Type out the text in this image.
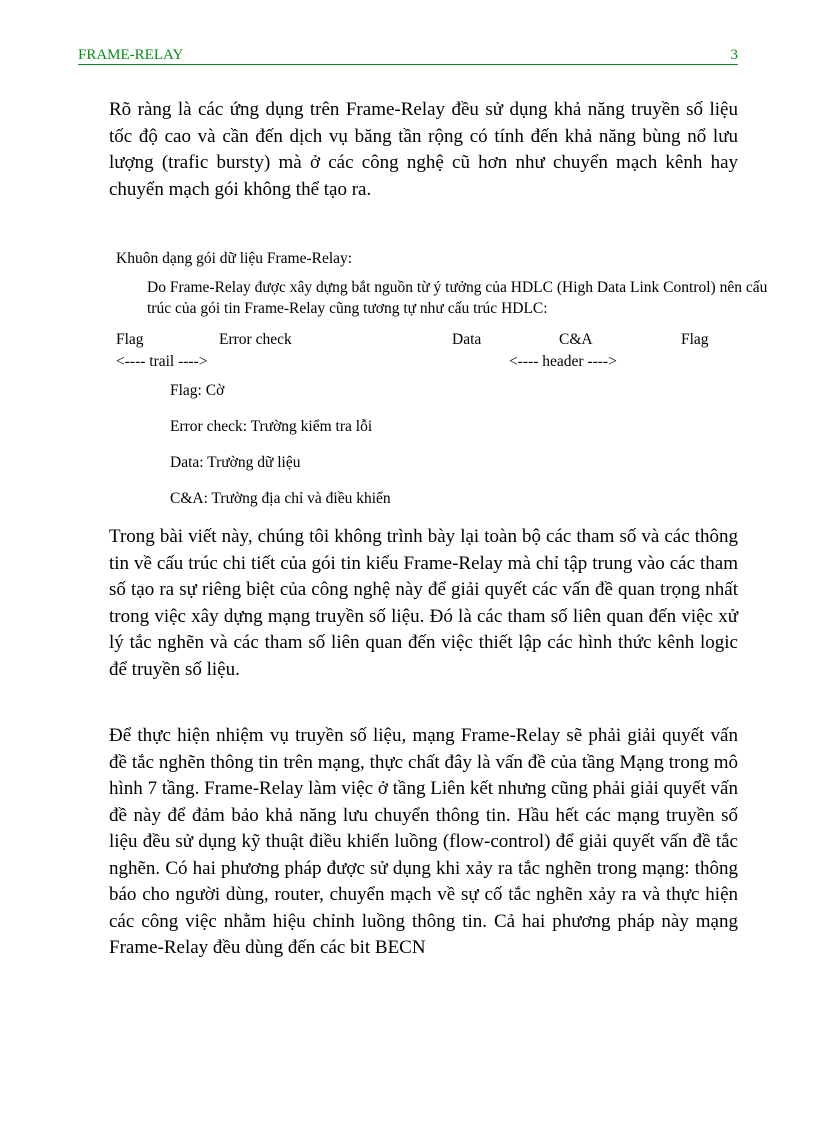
FRAME-RELAY	3

Rõ ràng là các ứng dụng trên Frame-Relay đều sử dụng khả năng truyền số liệu tốc độ cao và cần đến dịch vụ băng tần rộng có tính đến khả năng bùng nổ lưu lượng (trafic bursty) mà ở các công nghệ cũ hơn như chuyển mạch kênh hay chuyển mạch gói không thể tạo ra.

Khuôn dạng gói dữ liệu Frame-Relay:

Do Frame-Relay được xây dựng bắt nguồn từ ý tưởng của HDLC (High Data Link Control) nên cấu trúc của gói tin Frame-Relay cũng tương tự như cấu trúc HDLC:

Flag	Error check	Data	C&A	Flag
<---- trail ---->	<---- header ---->

Flag: Cờ

Error check: Trường kiểm tra lỗi

Data: Trường dữ liệu

C&A: Trường địa chỉ và điều khiển

Trong bài viết này, chúng tôi không trình bày lại toàn bộ các tham số và các thông tin về cấu trúc chi tiết của gói tin kiểu Frame-Relay mà chỉ tập trung vào các tham số tạo ra sự riêng biệt của công nghệ này để giải quyết các vấn đề quan trọng nhất trong việc xây dựng mạng truyền số liệu. Đó là các tham số liên quan đến việc xử lý tắc nghẽn và các tham số liên quan đến việc thiết lập các hình thức kênh logic để truyền số liệu.

Để thực hiện nhiệm vụ truyền số liệu, mạng Frame-Relay sẽ phải giải quyết vấn đề tắc nghẽn thông tin trên mạng, thực chất đây là vấn đề của tầng Mạng trong mô hình 7 tầng. Frame-Relay làm việc ở tầng Liên kết nhưng cũng phải giải quyết vấn đề này để đảm bảo khả năng lưu chuyển thông tin. Hầu hết các mạng truyền số liệu đều sử dụng kỹ thuật điều khiển luồng (flow-control) để giải quyết vấn đề tắc nghẽn. Có hai phương pháp được sử dụng khi xảy ra tắc nghẽn trong mạng: thông báo cho người dùng, router, chuyển mạch về sự cố tắc nghẽn xảy ra và thực hiện các công việc nhằm hiệu chỉnh luồng thông tin. Cả hai phương pháp này mạng Frame-Relay đều dùng đến các bit BECN
